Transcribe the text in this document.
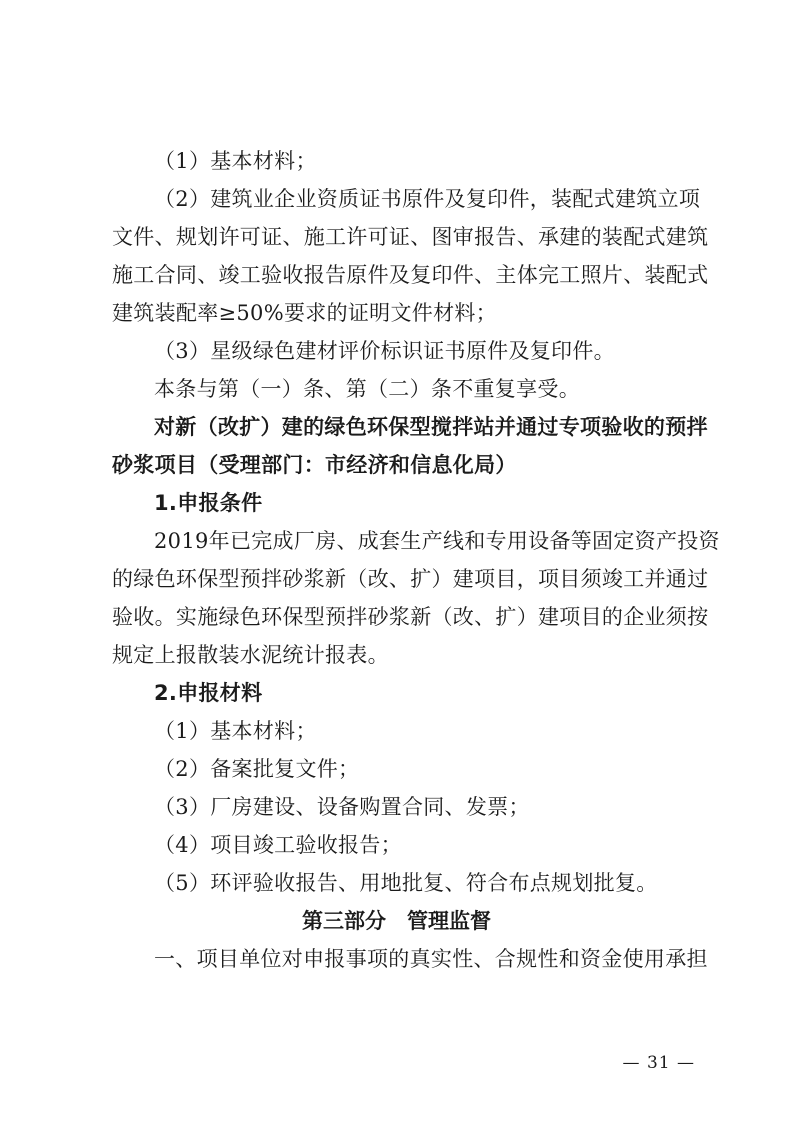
（1）基本材料；
（2）建筑业企业资质证书原件及复印件，装配式建筑立项
文件、规划许可证、施工许可证、图审报告、承建的装配式建筑
施工合同、竣工验收报告原件及复印件、主体完工照片、装配式
建筑装配率≥50%要求的证明文件材料；
（3）星级绿色建材评价标识证书原件及复印件。
本条与第（一）条、第（二）条不重复享受。
对新（改扩）建的绿色环保型搅拌站并通过专项验收的预拌
砂浆项目（受理部门：市经济和信息化局）
1.申报条件
2019年已完成厂房、成套生产线和专用设备等固定资产投资
的绿色环保型预拌砂浆新（改、扩）建项目，项目须竣工并通过
验收。实施绿色环保型预拌砂浆新（改、扩）建项目的企业须按
规定上报散装水泥统计报表。
2.申报材料
（1）基本材料；
（2）备案批复文件；
（3）厂房建设、设备购置合同、发票；
（4）项目竣工验收报告；
（5）环评验收报告、用地批复、符合布点规划批复。
第三部分　管理监督
一、项目单位对申报事项的真实性、合规性和资金使用承担
— 31 —
